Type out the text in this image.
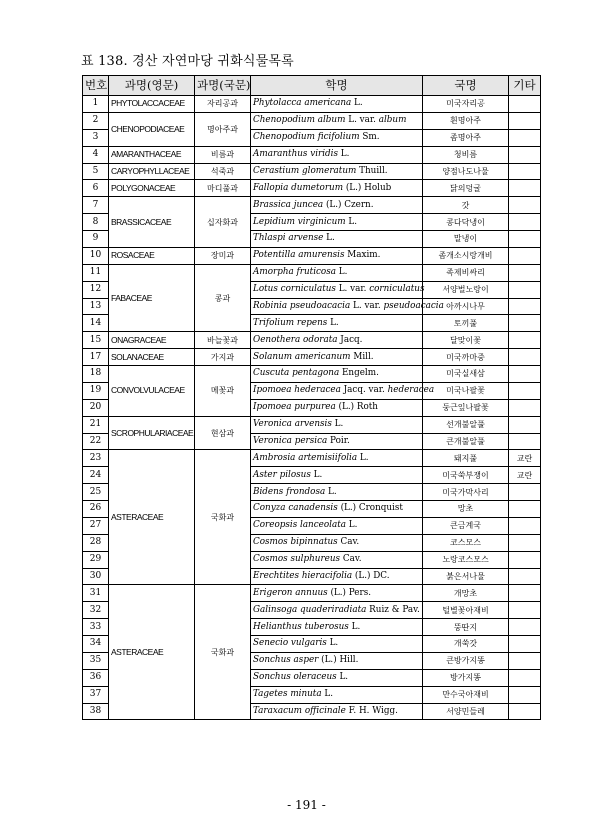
표 138. 경산 자연마당 귀화식물목록
번호	과명(영문)	과명(국문)	학명	국명	기타
1	PHYTOLACCACEAE	자리공과	Phytolacca americana L.	미국자리공	
2	CHENOPODIACEAE	명아주과	Chenopodium album L. var. album	흰명아주	
3			Chenopodium ficifolium Sm.	좀명아주	
4	AMARANTHACEAE	비름과	Amaranthus viridis L.	청비름	
5	CARYOPHYLLACEAE	석죽과	Cerastium glomeratum Thuill.	양점나도나물	
6	POLYGONACEAE	마디풀과	Fallopia dumetorum (L.) Holub	닭의덩굴	
7	BRASSICACEAE	십자화과	Brassica juncea (L.) Czern.	갓	
8			Lepidium virginicum L.	콩다닥냉이	
9			Thlaspi arvense L.	말냉이	
10	ROSACEAE	장미과	Potentilla amurensis Maxim.	좀개소시랑개비	
11	FABACEAE	콩과	Amorpha fruticosa L.	족제비싸리	
12			Lotus corniculatus L. var. corniculatus	서양벌노랑이	
13			Robinia pseudoacacia L. var. pseudoacacia	아까시나무	
14			Trifolium repens L.	토끼풀	
15	ONAGRACEAE	바늘꽃과	Oenothera odorata Jacq.	달맞이꽃	
17	SOLANACEAE	가지과	Solanum americanum Mill.	미국까마중	
18	CONVOLVULACEAE	메꽃과	Cuscuta pentagona Engelm.	미국실새삼	
19			Ipomoea hederacea Jacq. var. hederacea	미국나팔꽃	
20			Ipomoea purpurea (L.) Roth	둥근잎나팔꽃	
21	SCROPHULARIACEAE	현삼과	Veronica arvensis L.	선개불알풀	
22			Veronica persica Poir.	큰개불알풀	
23	ASTERACEAE	국화과	Ambrosia artemisiifolia L.	돼지풀	교란
24			Aster pilosus L.	미국쑥부쟁이	교란
25			Bidens frondosa L.	미국가막사리	
26			Conyza canadensis (L.) Cronquist	망초	
27			Coreopsis lanceolata L.	큰금계국	
28			Cosmos bipinnatus Cav.	코스모스	
29			Cosmos sulphureus Cav.	노랑코스모스	
30			Erechtites hieracifolia (L.) DC.	붉은서나물	
31	ASTERACEAE	국화과	Erigeron annuus (L.) Pers.	개망초	
32			Galinsoga quaderiradiata Ruiz & Pav.	털별꽃아재비	
33			Helianthus tuberosus L.	뚱딴지	
34			Senecio vulgaris L.	개쑥갓	
35			Sonchus asper (L.) Hill.	큰방가지똥	
36			Sonchus oleraceus L.	방가지똥	
37			Tagetes minuta L.	만수국아재비	
38			Taraxacum officinale F. H. Wigg.	서양민들레	
- 191 -
